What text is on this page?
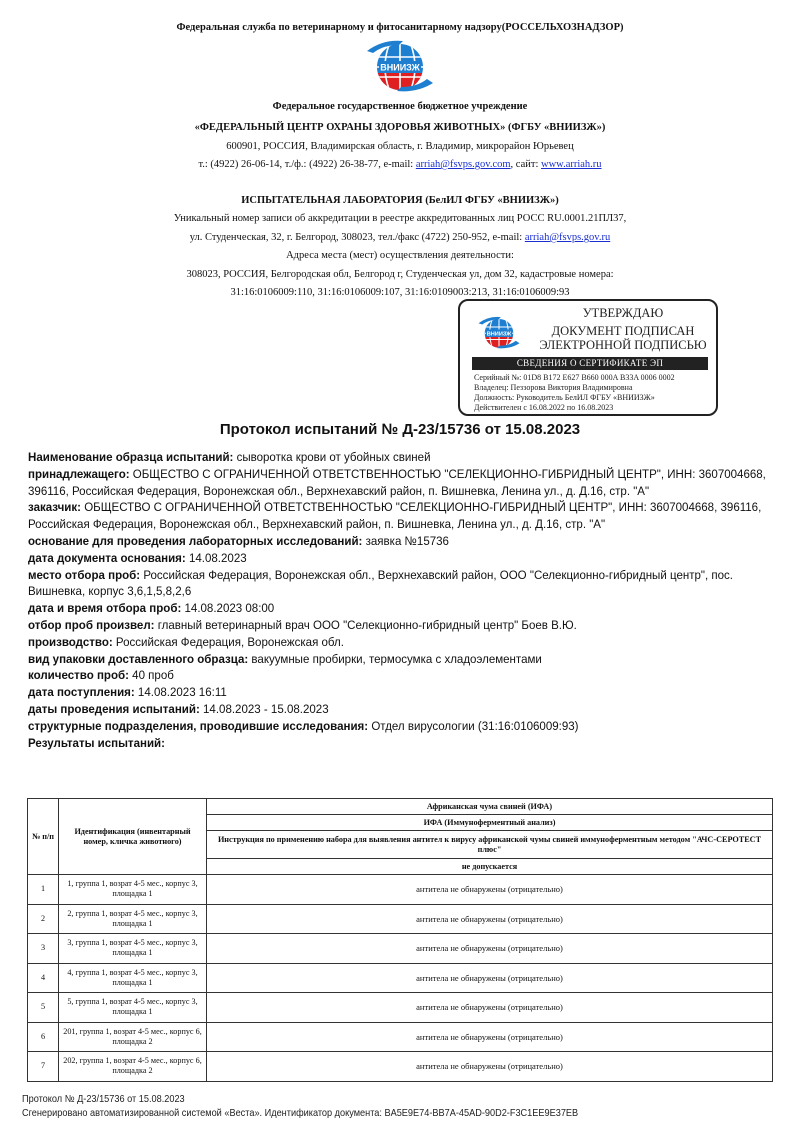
Федеральная служба по ветеринарному и фитосанитарному надзору(РОССЕЛЬХОЗНАДЗОР)
ВНИИЗЖ
Федеральное государственное бюджетное учреждение
«ФЕДЕРАЛЬНЫЙ ЦЕНТР ОХРАНЫ ЗДОРОВЬЯ ЖИВОТНЫХ» (ФГБУ «ВНИИЗЖ»)
600901, РОССИЯ, Владимирская область, г. Владимир, микрорайон Юрьевец
т.: (4922) 26-06-14, т./ф.: (4922) 26-38-77, e-mail: arriah@fsvps.gov.com, сайт: www.arriah.ru
ИСПЫТАТЕЛЬНАЯ ЛАБОРАТОРИЯ (БелИЛ ФГБУ «ВНИИЗЖ»)
Уникальный номер записи об аккредитации в реестре аккредитованных лиц РОСС RU.0001.21ПЛ37,
ул. Студенческая, 32, г. Белгород, 308023, тел./факс (4722) 250-952, e-mail: arriah@fsvps.gov.ru
Адреса места (мест) осуществления деятельности:
308023, РОССИЯ, Белгородская обл, Белгород г, Студенческая ул, дом 32, кадастровые номера:
31:16:0106009:110, 31:16:0106009:107, 31:16:0109003:213, 31:16:0106009:93
ВНИИЗЖ
УТВЕРЖДАЮ
ДОКУМЕНТ ПОДПИСАН
ЭЛЕКТРОННОЙ ПОДПИСЬЮ
СВЕДЕНИЯ О СЕРТИФИКАТЕ ЭП
Серийный №: 01D8 B172 E627 B660 000A B33A 0006 0002
Владелец: Пеззорова Виктория Владимировна
Должность: Руководитель БелИЛ ФГБУ «ВНИИЗЖ»
Действителен с 16.08.2022 по 16.08.2023
Протокол испытаний № Д-23/15736 от 15.08.2023
Наименование образца испытаний: сыворотка крови от убойных свиней
принадлежащего: ОБЩЕСТВО С ОГРАНИЧЕННОЙ ОТВЕТСТВЕННОСТЬЮ "СЕЛЕКЦИОННО-ГИБРИДНЫЙ ЦЕНТР", ИНН: 3607004668, 396116, Российская Федерация, Воронежская обл., Верхнехавский район, п. Вишневка, Ленина ул., д. Д.16, стр. "А"
заказчик: ОБЩЕСТВО С ОГРАНИЧЕННОЙ ОТВЕТСТВЕННОСТЬЮ "СЕЛЕКЦИОННО-ГИБРИДНЫЙ ЦЕНТР", ИНН: 3607004668, 396116, Российская Федерация, Воронежская обл., Верхнехавский район, п. Вишневка, Ленина ул., д. Д.16, стр. "А"
основание для проведения лабораторных исследований: заявка №15736
дата документа основания: 14.08.2023
место отбора проб: Российская Федерация, Воронежская обл., Верхнехавский район, ООО "Селекционно-гибридный центр", пос. Вишневка, корпус 3,6,1,5,8,2,6
дата и время отбора проб: 14.08.2023 08:00
отбор проб произвел: главный ветеринарный врач ООО "Селекционно-гибридный центр" Боев В.Ю.
производство: Российская Федерация, Воронежская обл.
вид упаковки доставленного образца: вакуумные пробирки, термосумка с хладоэлементами
количество проб: 40 проб
дата поступления: 14.08.2023 16:11
даты проведения испытаний: 14.08.2023 - 15.08.2023
структурные подразделения, проводившие исследования: Отдел вирусологии (31:16:0106009:93)
Результаты испытаний:
№ п/п	Идентификация (инвентарный номер, кличка животного)	Африканская чума свиней (ИФА)
		ИФА (Иммуноферментный анализ)
		Инструкция по применению набора для выявления антител к вирусу африканской чумы свиней иммуноферментным методом "АЧС-СЕРОТЕСТ плюс"
		не допускается
1	1, группа 1, возрат 4-5 мес., корпус 3, площадка 1	антитела не обнаружены (отрицательно)
2	2, группа 1, возрат 4-5 мес., корпус 3, площадка 1	антитела не обнаружены (отрицательно)
3	3, группа 1, возрат 4-5 мес., корпус 3, площадка 1	антитела не обнаружены (отрицательно)
4	4, группа 1, возрат 4-5 мес., корпус 3, площадка 1	антитела не обнаружены (отрицательно)
5	5, группа 1, возрат 4-5 мес., корпус 3, площадка 1	антитела не обнаружены (отрицательно)
6	201, группа 1, возрат 4-5 мес., корпус 6, площадка 2	антитела не обнаружены (отрицательно)
7	202, группа 1, возрат 4-5 мес., корпус 6, площадка 2	антитела не обнаружены (отрицательно)
Протокол № Д-23/15736 от 15.08.2023
Сгенерировано автоматизированной системой «Веста». Идентификатор документа: BA5E9E74-BB7A-45AD-90D2-F3C1EE9E37EB
